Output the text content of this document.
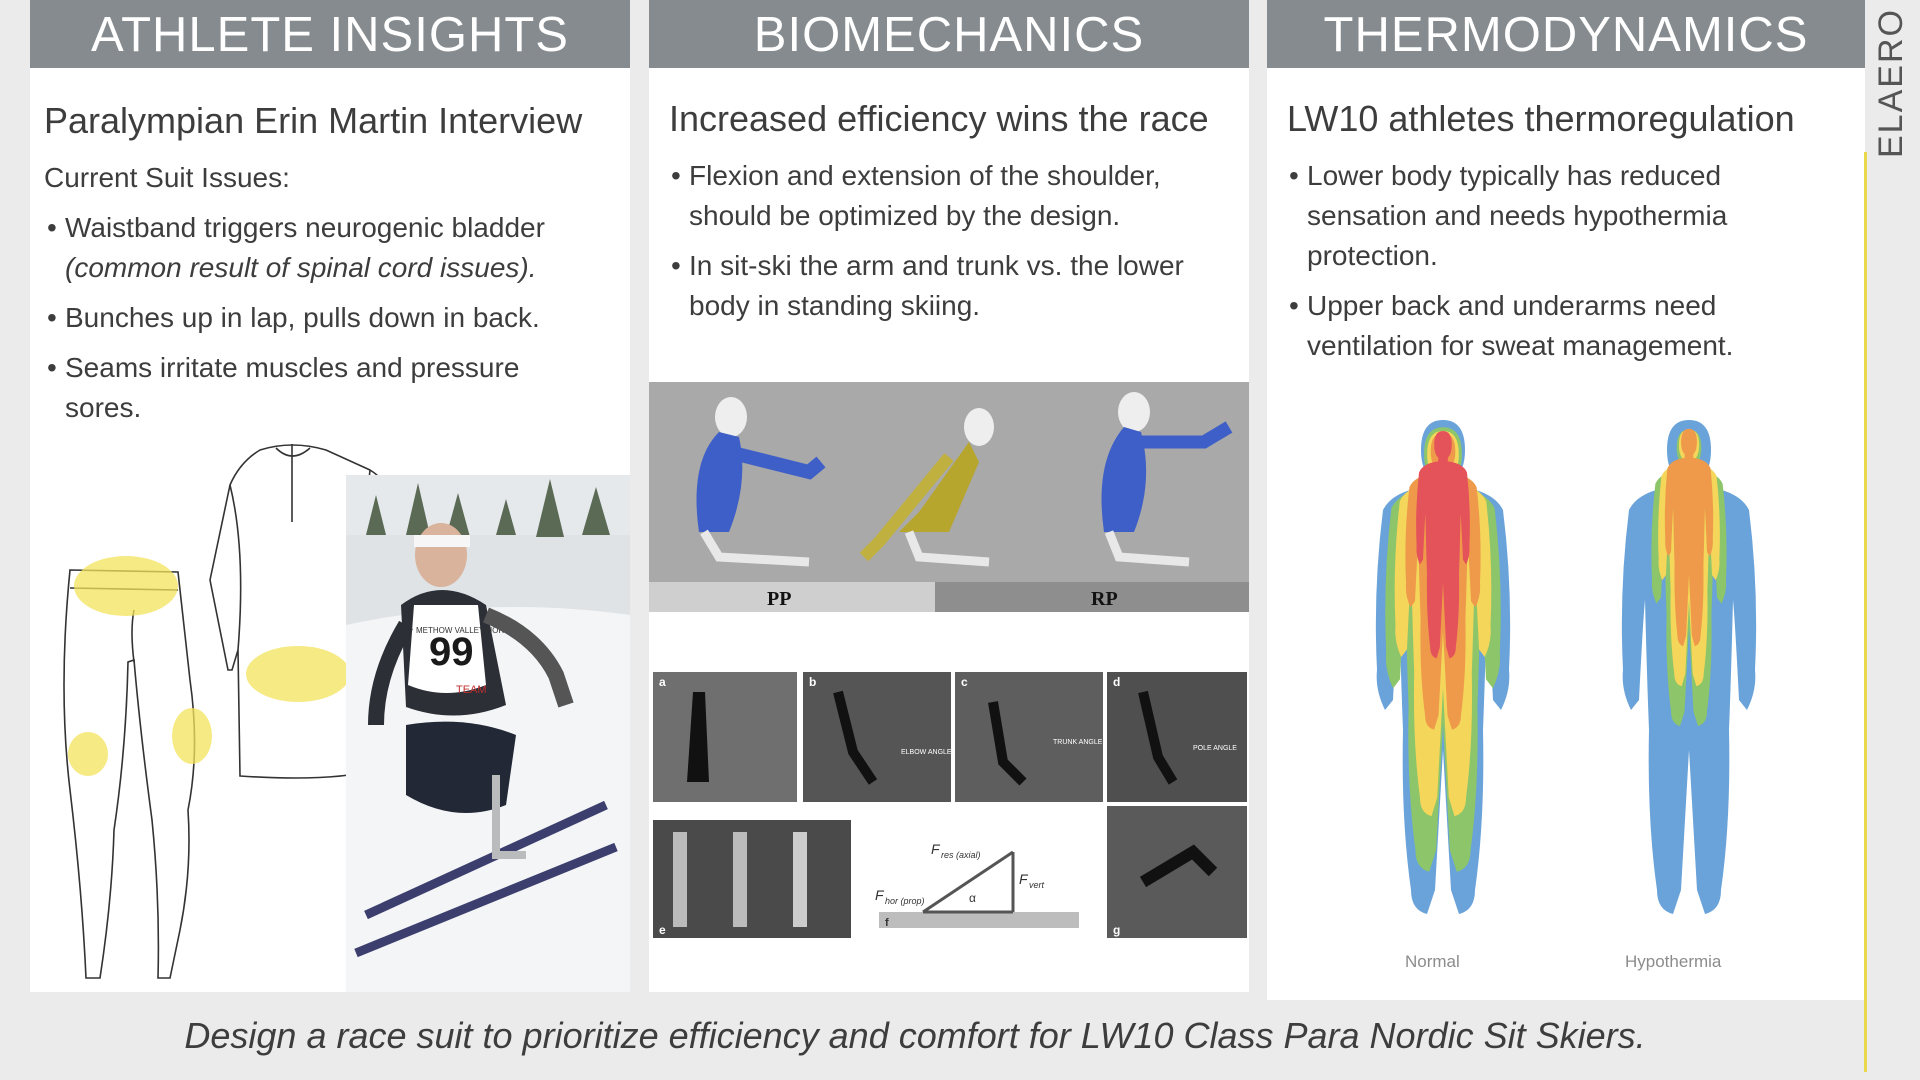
ATHLETE INSIGHTS
Paralympian Erin Martin Interview
Current Suit Issues:
• Waistband triggers neurogenic bladder
(common result of spinal cord issues).
• Bunches up in lap, pulls down in back.
• Seams irritate muscles and pressure sores.
99
METHOW VALLEY NORDIC
TEAM
BIOMECHANICS
Increased efficiency wins the race
• Flexion and extension of the shoulder, should be optimized by the design.
• In sit-ski the arm and trunk vs. the lower body in standing skiing.
PP	RP
a	b	c	d
e	g
ELBOW ANGLE
TRUNK ANGLE
POLE ANGLE
f
F res (axial)
F vert
F hor (prop)	α
THERMODYNAMICS
LW10 athletes thermoregulation
• Lower body typically has reduced sensation and needs hypothermia protection.
• Upper back and underarms need ventilation for sweat management.
Normal	Hypothermia
ELAERO
Design a race suit to prioritize efficiency and comfort for LW10 Class Para Nordic Sit Skiers.
